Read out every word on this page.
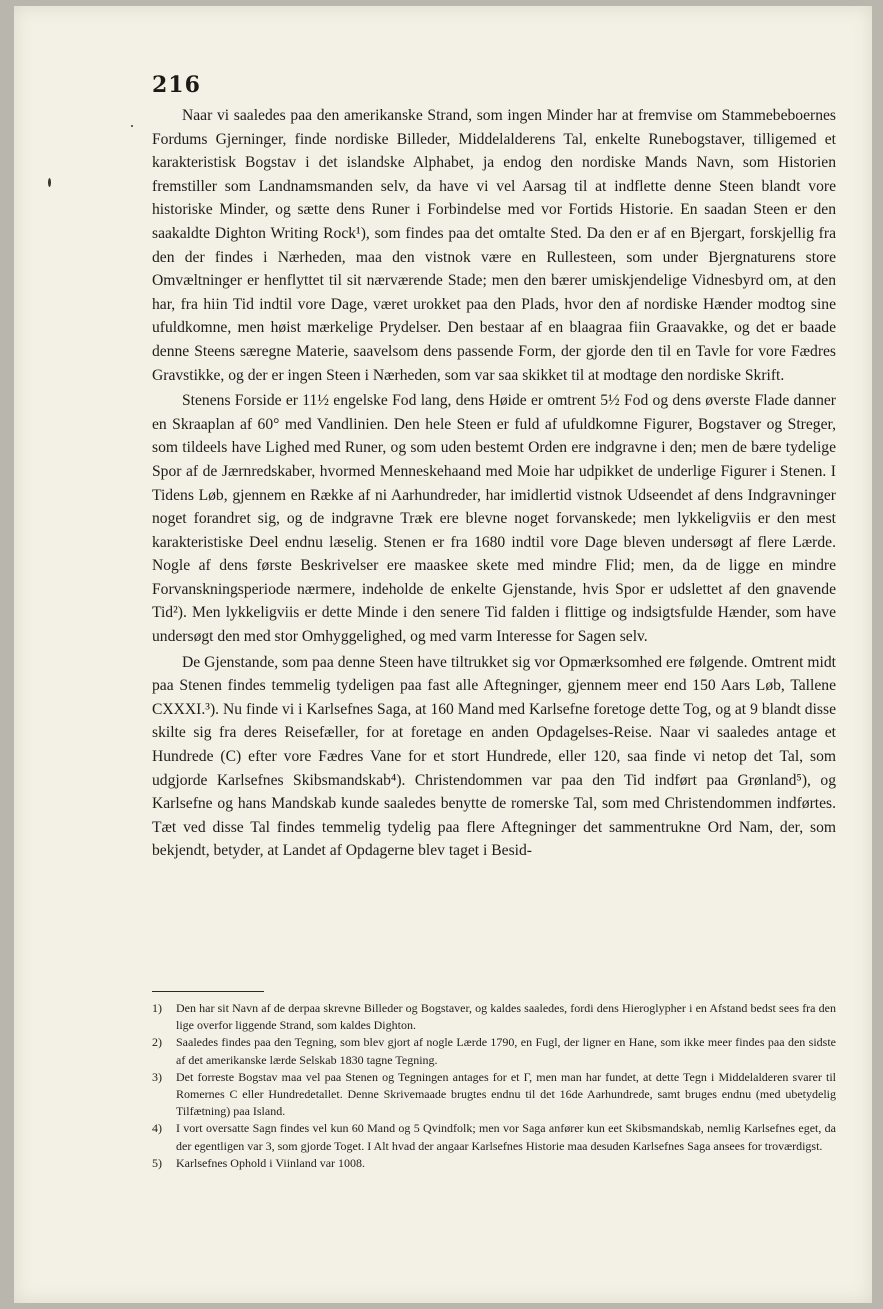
216

Naar vi saaledes paa den amerikanske Strand, som ingen Minder har at fremvise om Stammebeboernes Fordums Gjerninger, finde nordiske Billeder, Middelalderens Tal, enkelte Runebogstaver, tilligemed et karakteristisk Bogstav i det islandske Alphabet, ja endog den nordiske Mands Navn, som Historien fremstiller som Landnamsmanden selv, da have vi vel Aarsag til at indflette denne Steen blandt vore historiske Minder, og sætte dens Runer i Forbindelse med vor Fortids Historie. En saadan Steen er den saakaldte Dighton Writing Rock¹), som findes paa det omtalte Sted. Da den er af en Bjergart, forskjellig fra den der findes i Nærheden, maa den vistnok være en Rullesteen, som under Bjergnaturens store Omvæltninger er henflyttet til sit nærværende Stade; men den bærer umiskjendelige Vidnesbyrd om, at den har, fra hiin Tid indtil vore Dage, været urokket paa den Plads, hvor den af nordiske Hænder modtog sine ufuldkomne, men høist mærkelige Prydelser. Den bestaar af en blaagraa fiin Graavakke, og det er baade denne Steens særegne Materie, saavelsom dens passende Form, der gjorde den til en Tavle for vore Fædres Gravstikke, og der er ingen Steen i Nærheden, som var saa skikket til at modtage den nordiske Skrift.

Stenens Forside er 11½ engelske Fod lang, dens Høide er omtrent 5½ Fod og dens øverste Flade danner en Skraaplan af 60° med Vandlinien. Den hele Steen er fuld af ufuldkomne Figurer, Bogstaver og Streger, som tildeels have Lighed med Runer, og som uden bestemt Orden ere indgravne i den; men de bære tydelige Spor af de Jærnredskaber, hvormed Menneskehaand med Moie har udpikket de underlige Figurer i Stenen. I Tidens Løb, gjennem en Række af ni Aarhundreder, har imidlertid vistnok Udseendet af dens Indgravninger noget forandret sig, og de indgravne Træk ere blevne noget forvanskede; men lykkeligviis er den mest karakteristiske Deel endnu læselig. Stenen er fra 1680 indtil vore Dage bleven undersøgt af flere Lærde. Nogle af dens første Beskrivelser ere maaskee skete med mindre Flid; men, da de ligge en mindre Forvanskningsperiode nærmere, indeholde de enkelte Gjenstande, hvis Spor er udslettet af den gnavende Tid²). Men lykkeligviis er dette Minde i den senere Tid falden i flittige og indsigtsfulde Hænder, som have undersøgt den med stor Omhyggelighed, og med varm Interesse for Sagen selv.

De Gjenstande, som paa denne Steen have tiltrukket sig vor Opmærksomhed ere følgende. Omtrent midt paa Stenen findes temmelig tydeligen paa fast alle Aftegninger, gjennem meer end 150 Aars Løb, Tallene CXXXI.³). Nu finde vi i Karlsefnes Saga, at 160 Mand med Karlsefne foretoge dette Tog, og at 9 blandt disse skilte sig fra deres Reisefæller, for at foretage en anden Opdagelses-Reise. Naar vi saaledes antage et Hundrede (C) efter vore Fædres Vane for et stort Hundrede, eller 120, saa finde vi netop det Tal, som udgjorde Karlsefnes Skibsmandskab⁴). Christendommen var paa den Tid indført paa Grønland⁵), og Karlsefne og hans Mandskab kunde saaledes benytte de romerske Tal, som med Christendommen indførtes. Tæt ved disse Tal findes temmelig tydelig paa flere Aftegninger det sammentrukne Ord Nam, der, som bekjendt, betyder, at Landet af Opdagerne blev taget i Besid-

1)	Den har sit Navn af de derpaa skrevne Billeder og Bogstaver, og kaldes saaledes, fordi dens Hieroglypher i en Afstand bedst sees fra den lige overfor liggende Strand, som kaldes Dighton.
2)	Saaledes findes paa den Tegning, som blev gjort af nogle Lærde 1790, en Fugl, der ligner en Hane, som ikke meer findes paa den sidste af det amerikanske lærde Selskab 1830 tagne Tegning.
3)	Det forreste Bogstav maa vel paa Stenen og Tegningen antages for et Γ, men man har fundet, at dette Tegn i Middelalderen svarer til Romernes C eller Hundredetallet. Denne Skrivemaade brugtes endnu til det 16de Aarhundrede, samt bruges endnu (med ubetydelig Tilfætning) paa Island.
4)	I vort oversatte Sagn findes vel kun 60 Mand og 5 Qvindfolk; men vor Saga anfører kun eet Skibsmandskab, nemlig Karlsefnes eget, da der egentligen var 3, som gjorde Toget. I Alt hvad der angaar Karlsefnes Historie maa desuden Karlsefnes Saga ansees for troværdigst.
5)	Karlsefnes Ophold i Viinland var 1008.
